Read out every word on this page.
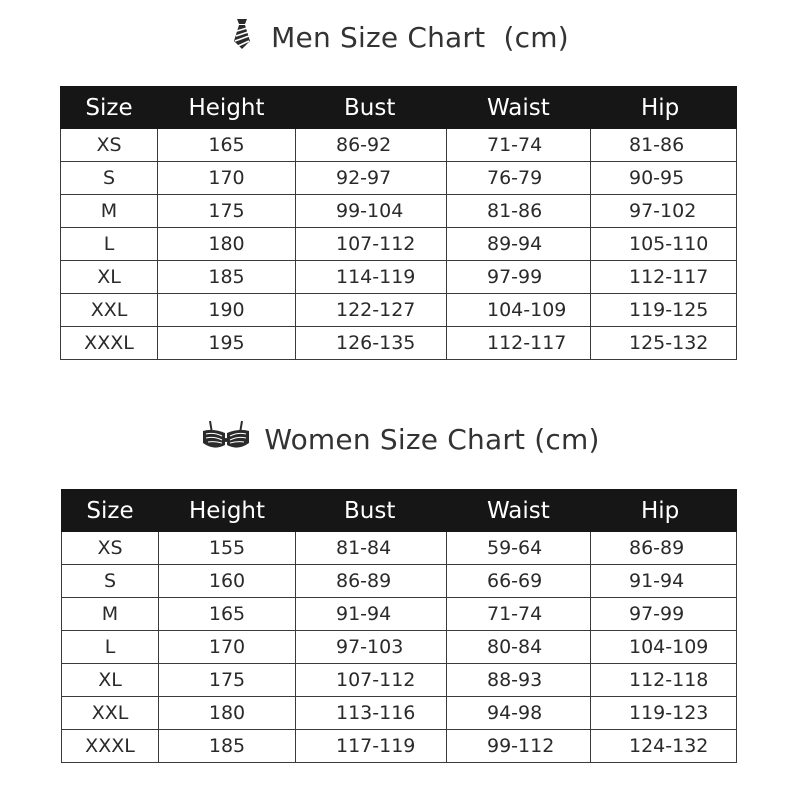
Men Size Chart  (cm)
Size	Height	Bust	Waist	Hip
XS	165	86-92	71-74	81-86
S	170	92-97	76-79	90-95
M	175	99-104	81-86	97-102
L	180	107-112	89-94	105-110
XL	185	114-119	97-99	112-117
XXL	190	122-127	104-109	119-125
XXXL	195	126-135	112-117	125-132
Women Size Chart (cm)
Size	Height	Bust	Waist	Hip
XS	155	81-84	59-64	86-89
S	160	86-89	66-69	91-94
M	165	91-94	71-74	97-99
L	170	97-103	80-84	104-109
XL	175	107-112	88-93	112-118
XXL	180	113-116	94-98	119-123
XXXL	185	117-119	99-112	124-132
